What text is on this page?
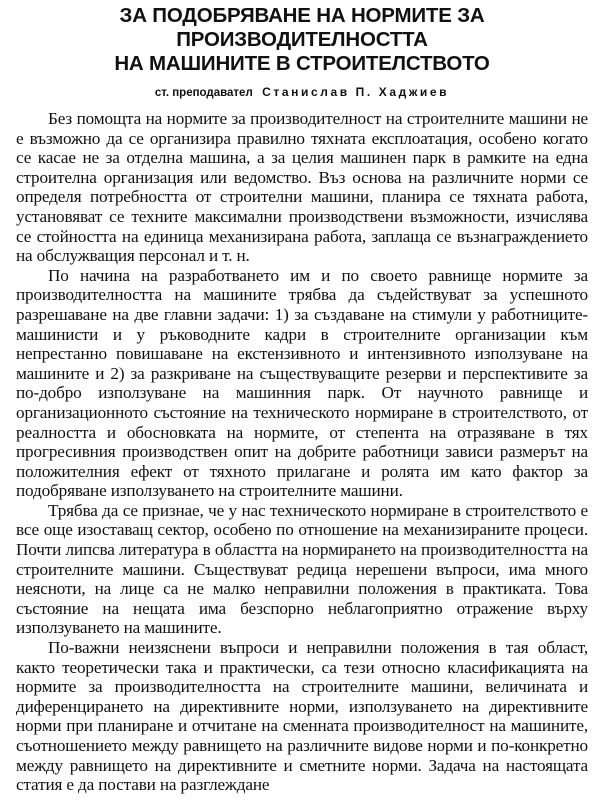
ЗА ПОДОБРЯВАНЕ НА НОРМИТЕ ЗА ПРОИЗВОДИТЕЛНОСТТА
НА МАШИНИТЕ В СТРОИТЕЛСТВОТО
ст. преподавател Станислав П. Хаджиев

Без помощта на нормите за производителност на строителните машини не е възможно да се организира правилно тяхната експлоатация, особено когато се касае не за отделна машина, а за целия машинен парк в рамките на една строителна организация или ведомство. Въз основа на различните норми се определя потребността от строителни машини, планира се тяхната работа, установяват се техните максимални производствени възможности, изчислява се стойността на единица механизирана работа, заплаща се възнаграждението на обслужващия персонал и т. н.

По начина на разработването им и по своето равнище нормите за производителността на машините трябва да съдействуват за успешното разрешаване на две главни задачи: 1) за създаване на стимули у работниците-машинисти и у ръководните кадри в строителните организации към непрестанно повишаване на екстензивното и интензивното използуване на машините и 2) за разкриване на съществуващите резерви и перспективите за по-добро използуване на машинния парк. От научното равнище и организационното състояние на техническото нормиране в строителството, от реалността и обосновката на нормите, от степента на отразяване в тях прогресивния производствен опит на добрите работници зависи размерът на положителния ефект от тяхното прилагане и ролята им като фактор за подобряване използуването на строителните машини.

Трябва да се признае, че у нас техническото нормиране в строителството е все още изоставащ сектор, особено по отношение на механизираните процеси. Почти липсва литература в областта на нормирането на производителността на строителните машини. Съществуват редица нерешени въпроси, има много неясноти, на лице са не малко неправилни положения в практиката. Това състояние на нещата има безспорно неблагоприятно отражение върху използуването на машините.

По-важни неизяснени въпроси и неправилни положения в тая област, както теоретически така и практически, са тези относно класификацията на нормите за производителността на строителните машини, величината и диференцирането на директивните норми, използуването на директивните норми при планиране и отчитане на сменната производителност на машините, съотношението между равнището на различните видове норми и по-конкретно между равнището на директивните и сметните норми. Задача на настоящата статия е да постави на разглеждане
